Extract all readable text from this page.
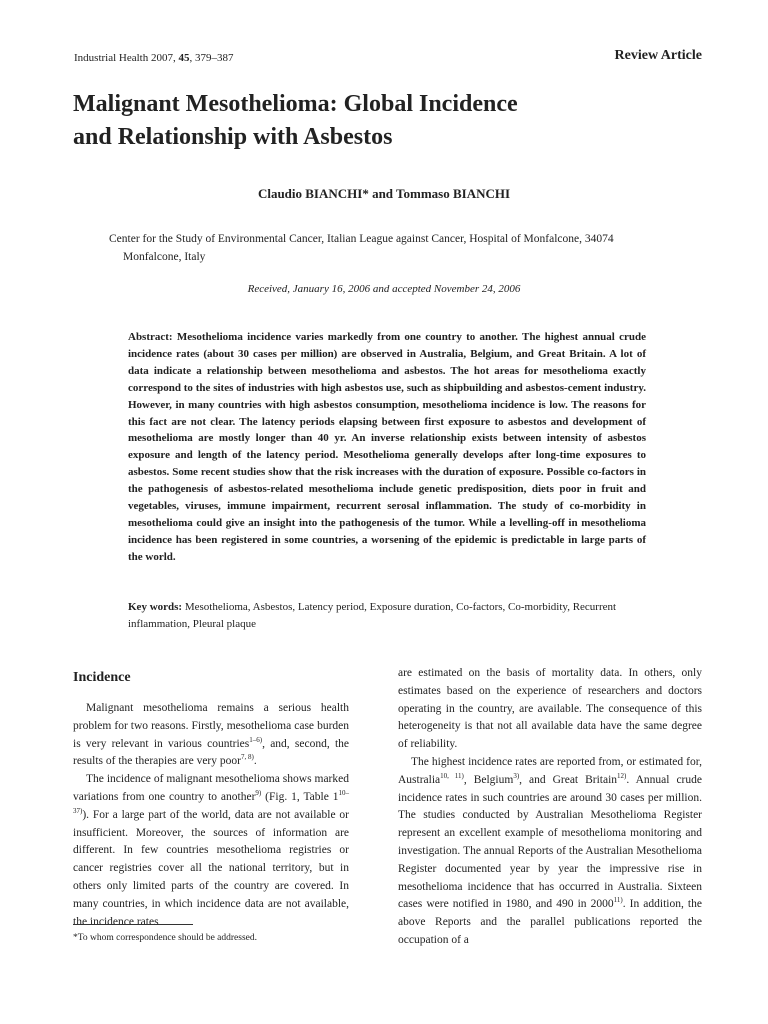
Industrial Health 2007, 45, 379–387	Review Article
Malignant Mesothelioma: Global Incidence
and Relationship with Asbestos
Claudio BIANCHI* and Tommaso BIANCHI
Center for the Study of Environmental Cancer, Italian League against Cancer, Hospital of Monfalcone, 34074
Monfalcone, Italy
Received, January 16, 2006 and accepted November 24, 2006
Abstract: Mesothelioma incidence varies markedly from one country to another. The highest annual crude incidence rates (about 30 cases per million) are observed in Australia, Belgium, and Great Britain. A lot of data indicate a relationship between mesothelioma and asbestos. The hot areas for mesothelioma exactly correspond to the sites of industries with high asbestos use, such as shipbuilding and asbestos-cement industry. However, in many countries with high asbestos consumption, mesothelioma incidence is low. The reasons for this fact are not clear. The latency periods elapsing between first exposure to asbestos and development of mesothelioma are mostly longer than 40 yr. An inverse relationship exists between intensity of asbestos exposure and length of the latency period. Mesothelioma generally develops after long-time exposures to asbestos. Some recent studies show that the risk increases with the duration of exposure. Possible co-factors in the pathogenesis of asbestos-related mesothelioma include genetic predisposition, diets poor in fruit and vegetables, viruses, immune impairment, recurrent serosal inflammation. The study of co-morbidity in mesothelioma could give an insight into the pathogenesis of the tumor. While a levelling-off in mesothelioma incidence has been registered in some countries, a worsening of the epidemic is predictable in large parts of the world.
Key words: Mesothelioma, Asbestos, Latency period, Exposure duration, Co-factors, Co-morbidity, Recurrent inflammation, Pleural plaque
Incidence

Malignant mesothelioma remains a serious health problem for two reasons. Firstly, mesothelioma case burden is very relevant in various countries$^{1-6)}$, and, second, the results of the therapies are very poor$^{7, 8)}$.

The incidence of malignant mesothelioma shows marked variations from one country to another$^{9)}$ (Fig. 1, Table 1$^{10-37)}$). For a large part of the world, data are not available or insufficient. Moreover, the sources of information are different. In few countries mesothelioma registries or cancer registries cover all the national territory, but in others only limited parts of the country are covered. In many countries, in which incidence data are not available, the incidence rates

are estimated on the basis of mortality data. In others, only estimates based on the experience of researchers and doctors operating in the country, are available. The consequence of this heterogeneity is that not all available data have the same degree of reliability.

The highest incidence rates are reported from, or estimated for, Australia$^{10, 11)}$, Belgium$^{3)}$, and Great Britain$^{12)}$. Annual crude incidence rates in such countries are around 30 cases per million. The studies conducted by Australian Mesothelioma Register represent an excellent example of mesothelioma monitoring and investigation. The annual Reports of the Australian Mesothelioma Register documented year by year the impressive rise in mesothelioma incidence that has occurred in Australia. Sixteen cases were notified in 1980, and 490 in 2000$^{11)}$. In addition, the above Reports and the parallel publications reported the occupation of a

*To whom correspondence should be addressed.
